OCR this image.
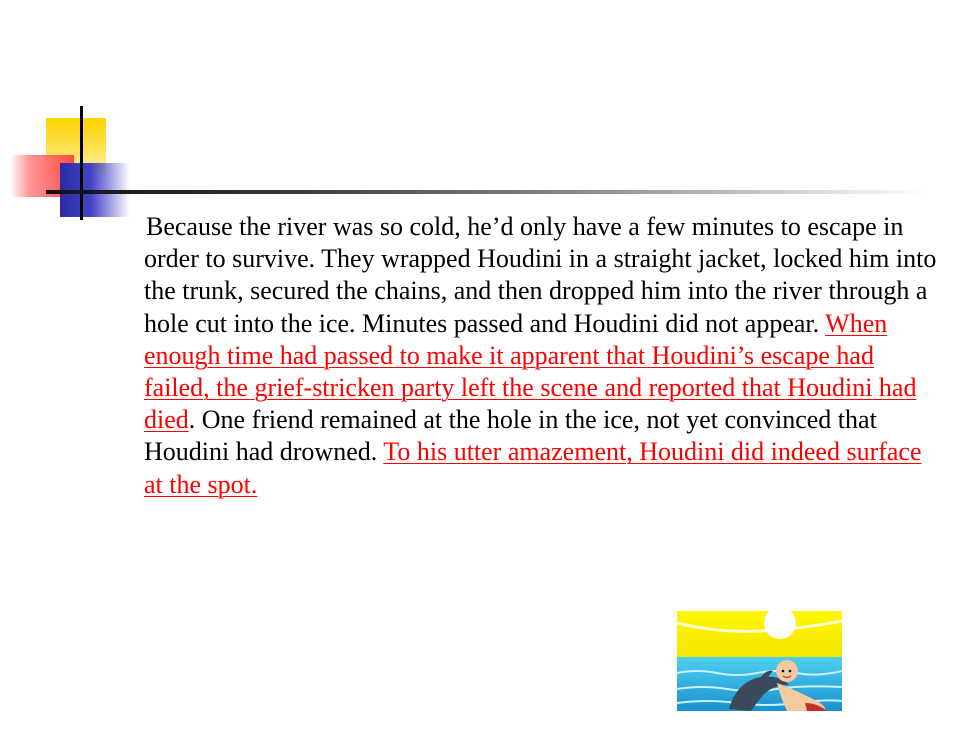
Because the river was so cold, he’d only have a few minutes to escape in order to survive. They wrapped Houdini in a straight jacket, locked him into the trunk, secured the chains, and then dropped him into the river through a hole cut into the ice. Minutes passed and Houdini did not appear. When enough time had passed to make it apparent that Houdini’s escape had failed, the grief-stricken party left the scene and reported that Houdini had died. One friend remained at the hole in the ice, not yet convinced that Houdini had drowned. To his utter amazement, Houdini did indeed surface at the spot.
